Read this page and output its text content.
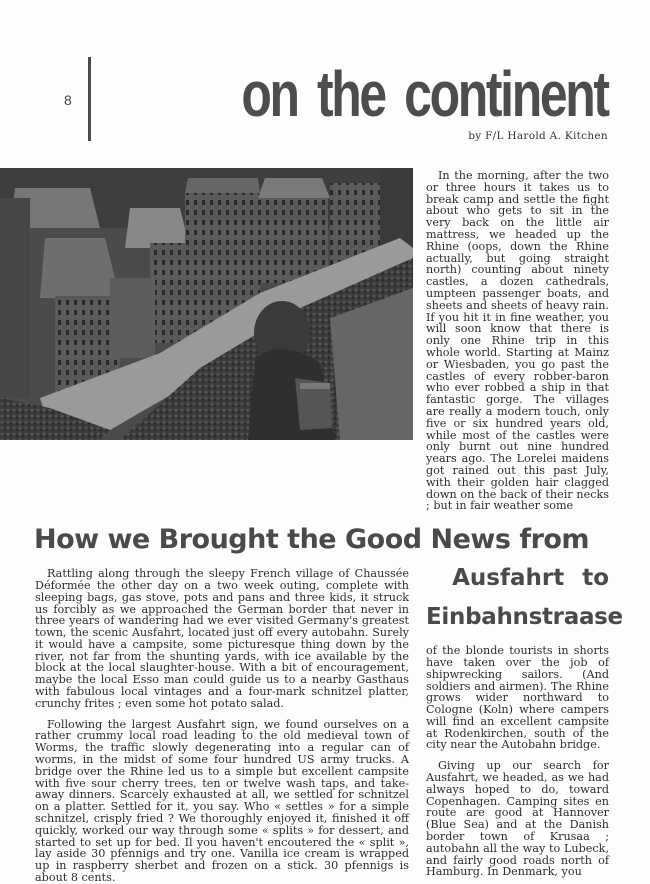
8	on the continent
by F/L Harold A. Kitchen

In the morning, after the two or three hours it takes us to break camp and settle the fight about who gets to sit in the very back on the little air mattress, we headed up the Rhine (oops, down the Rhine actually, but going straight north) counting about ninety castles, a dozen cathedrals, umpteen passenger boats, and sheets and sheets of heavy rain. If you hit it in fine weather, you will soon know that there is only one Rhine trip in this whole world. Starting at Mainz or Wiesbaden, you go past the castles of every robber-baron who ever robbed a ship in that fantastic gorge. The villages are really a modern touch, only five or six hundred years old, while most of the castles were only burnt out nine hundred years ago. The Lorelei maidens got rained out this past July, with their golden hair clagged down on the back of their necks ; but in fair weather some

How we Brought the Good News from

Rattling along through the sleepy French village of Chaussée Déformée the other day on a two week outing, complete with sleeping bags, gas stove, pots and pans and three kids, it struck us forcibly as we approached the German border that never in three years of wandering had we ever visited Germany's greatest town, the scenic Ausfahrt, located just off every autobahn. Surely it would have a campsite, some picturesque thing down by the river, not far from the shunting yards, with ice available by the block at the local slaughter-house. With a bit of encouragement, maybe the local Esso man could guide us to a nearby Gasthaus with fabulous local vintages and a four-mark schnitzel platter, crunchy frites ; even some hot potato salad.

Following the largest Ausfahrt sign, we found ourselves on a rather crummy local road leading to the old medieval town of Worms, the traffic slowly degenerating into a regular can of worms, in the midst of some four hundred US army trucks. A bridge over the Rhine led us to a simple but excellent campsite with five sour cherry trees, ten or twelve wash taps, and take-away dinners. Scarcely exhausted at all, we settled for schnitzel on a platter. Settled for it, you say. Who « settles » for a simple schnitzel, crisply fried ? We thoroughly enjoyed it, finished it off quickly, worked our way through some « splits » for dessert, and started to set up for bed. Il you haven't encoutered the « split », lay aside 30 pfennigs and try one. Vanilla ice cream is wrapped up in raspberry sherbet and frozen on a stick. 30 pfennigs is about 8 cents.

Ausfahrt to
Einbahnstraase

of the blonde tourists in shorts have taken over the job of shipwrecking sailors. (And soldiers and airmen). The Rhine grows wider northward to Cologne (Koln) where campers will find an excellent campsite at Rodenkirchen, south of the city near the Autobahn bridge.

Giving up our search for Ausfahrt, we headed, as we had always hoped to do, toward Copenhagen. Camping sites en route are good at Hannover (Blue Sea) and at the Danish border town of Krusaa ; autobahn all the way to Lubeck, and fairly good roads north of Hamburg. In Denmark, you
